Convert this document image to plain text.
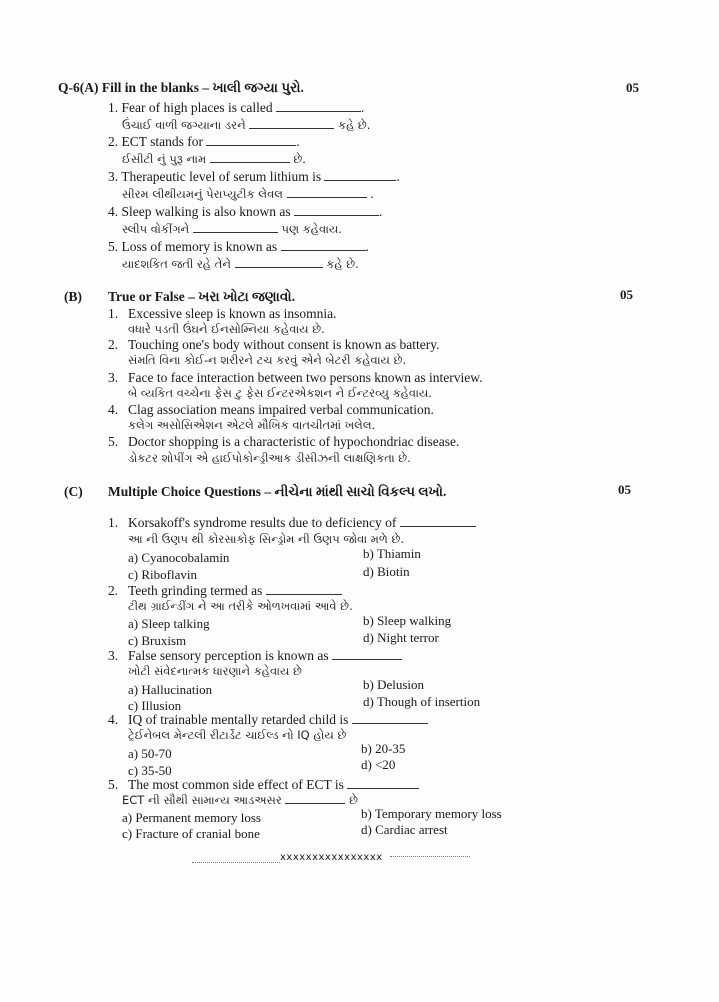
Q-6(A) Fill in the blanks – ખાલી જગ્યા પુરો.	05
1. Fear of high places is called	.
ઉંચાઈ વાળી જગ્યાના ડરને	કહે છે.
2. ECT stands for	.
ઈસીટી નું પુરૂ નામ	છે.
3. Therapeutic level of serum lithium is	.
સીરમ લીથીયમનું પેરાપ્યુટીક લેવલ	.
4. Sleep walking is also known as	.
સ્લીપ વોકીંગને	પણ કહેવાય.
5. Loss of memory is known as	.
યાદશકિત જતી રહે તેને	કહે છે.
(B) True or False – ખરા ખોટા જણાવો.	05
1. Excessive sleep is known as insomnia.
વધારે પડતી ઉંઘને ઈનસોમ્નિયા કહેવાય છે.
2. Touching one's body without consent is known as battery.
સંમતિ વિના કોઈ-ન શરીરને ટચ કરવું એને બેટરી કહેવાય છે.
3. Face to face interaction between two persons known as interview.
બે વ્યકિત વચ્ચેના ફેસ ટુ ફેસ ઈન્ટરએકશન ને ઈન્ટરવ્યુ કહેવાય.
4. Clag association means impaired verbal communication.
કલેગ અસોસિએશન એટલે મૌખિક વાતચીતમાં ખલેલ.
5. Doctor shopping is a characteristic of hypochondriac disease.
ડોકટર શોપીંગ એ હાઈપોકોન્ડ્રીઆક ડીસીઝની લાક્ષણિકતા છે.
(C) Multiple Choice Questions – નીચેના માંથી સાચો વિકલ્પ લખો.	05
1. Korsakoff's syndrome results due to deficiency of
આ ની ઉણપ થી કોરસાકોફ સિન્ડ્રોમ ની ઉણપ જોવા મળે છે.
a) Cyanocobalamin	b) Thiamin
c) Riboflavin	d) Biotin
2. Teeth grinding termed as
ટીથ ગ્રાઈન્ડીંગ ને આ તરીકે ઓળખવામાં આવે છે.
a) Sleep talking	b) Sleep walking
c) Bruxism	d) Night terror
3. False sensory perception is known as
ખોટી સંવેદનાત્મક ધારણાને કહેવાય છે
a) Hallucination	b) Delusion
c) Illusion	d) Though of insertion
4. IQ of trainable mentally retarded child is
ટ્રેઈનેબલ મેન્ટલી રીટાર્ડેટ ચાઈલ્ડ નો IQ હોય છે
a) 50-70	b) 20-35
c) 35-50	d) <20
5. The most common side effect of ECT is
ECT ની સૌથી સામાન્ય આડઅસર	છે
a) Permanent memory loss	b) Temporary memory loss
c) Fracture of cranial bone	d) Cardiac arrest
xxxxxxxxxxxxxxxx
